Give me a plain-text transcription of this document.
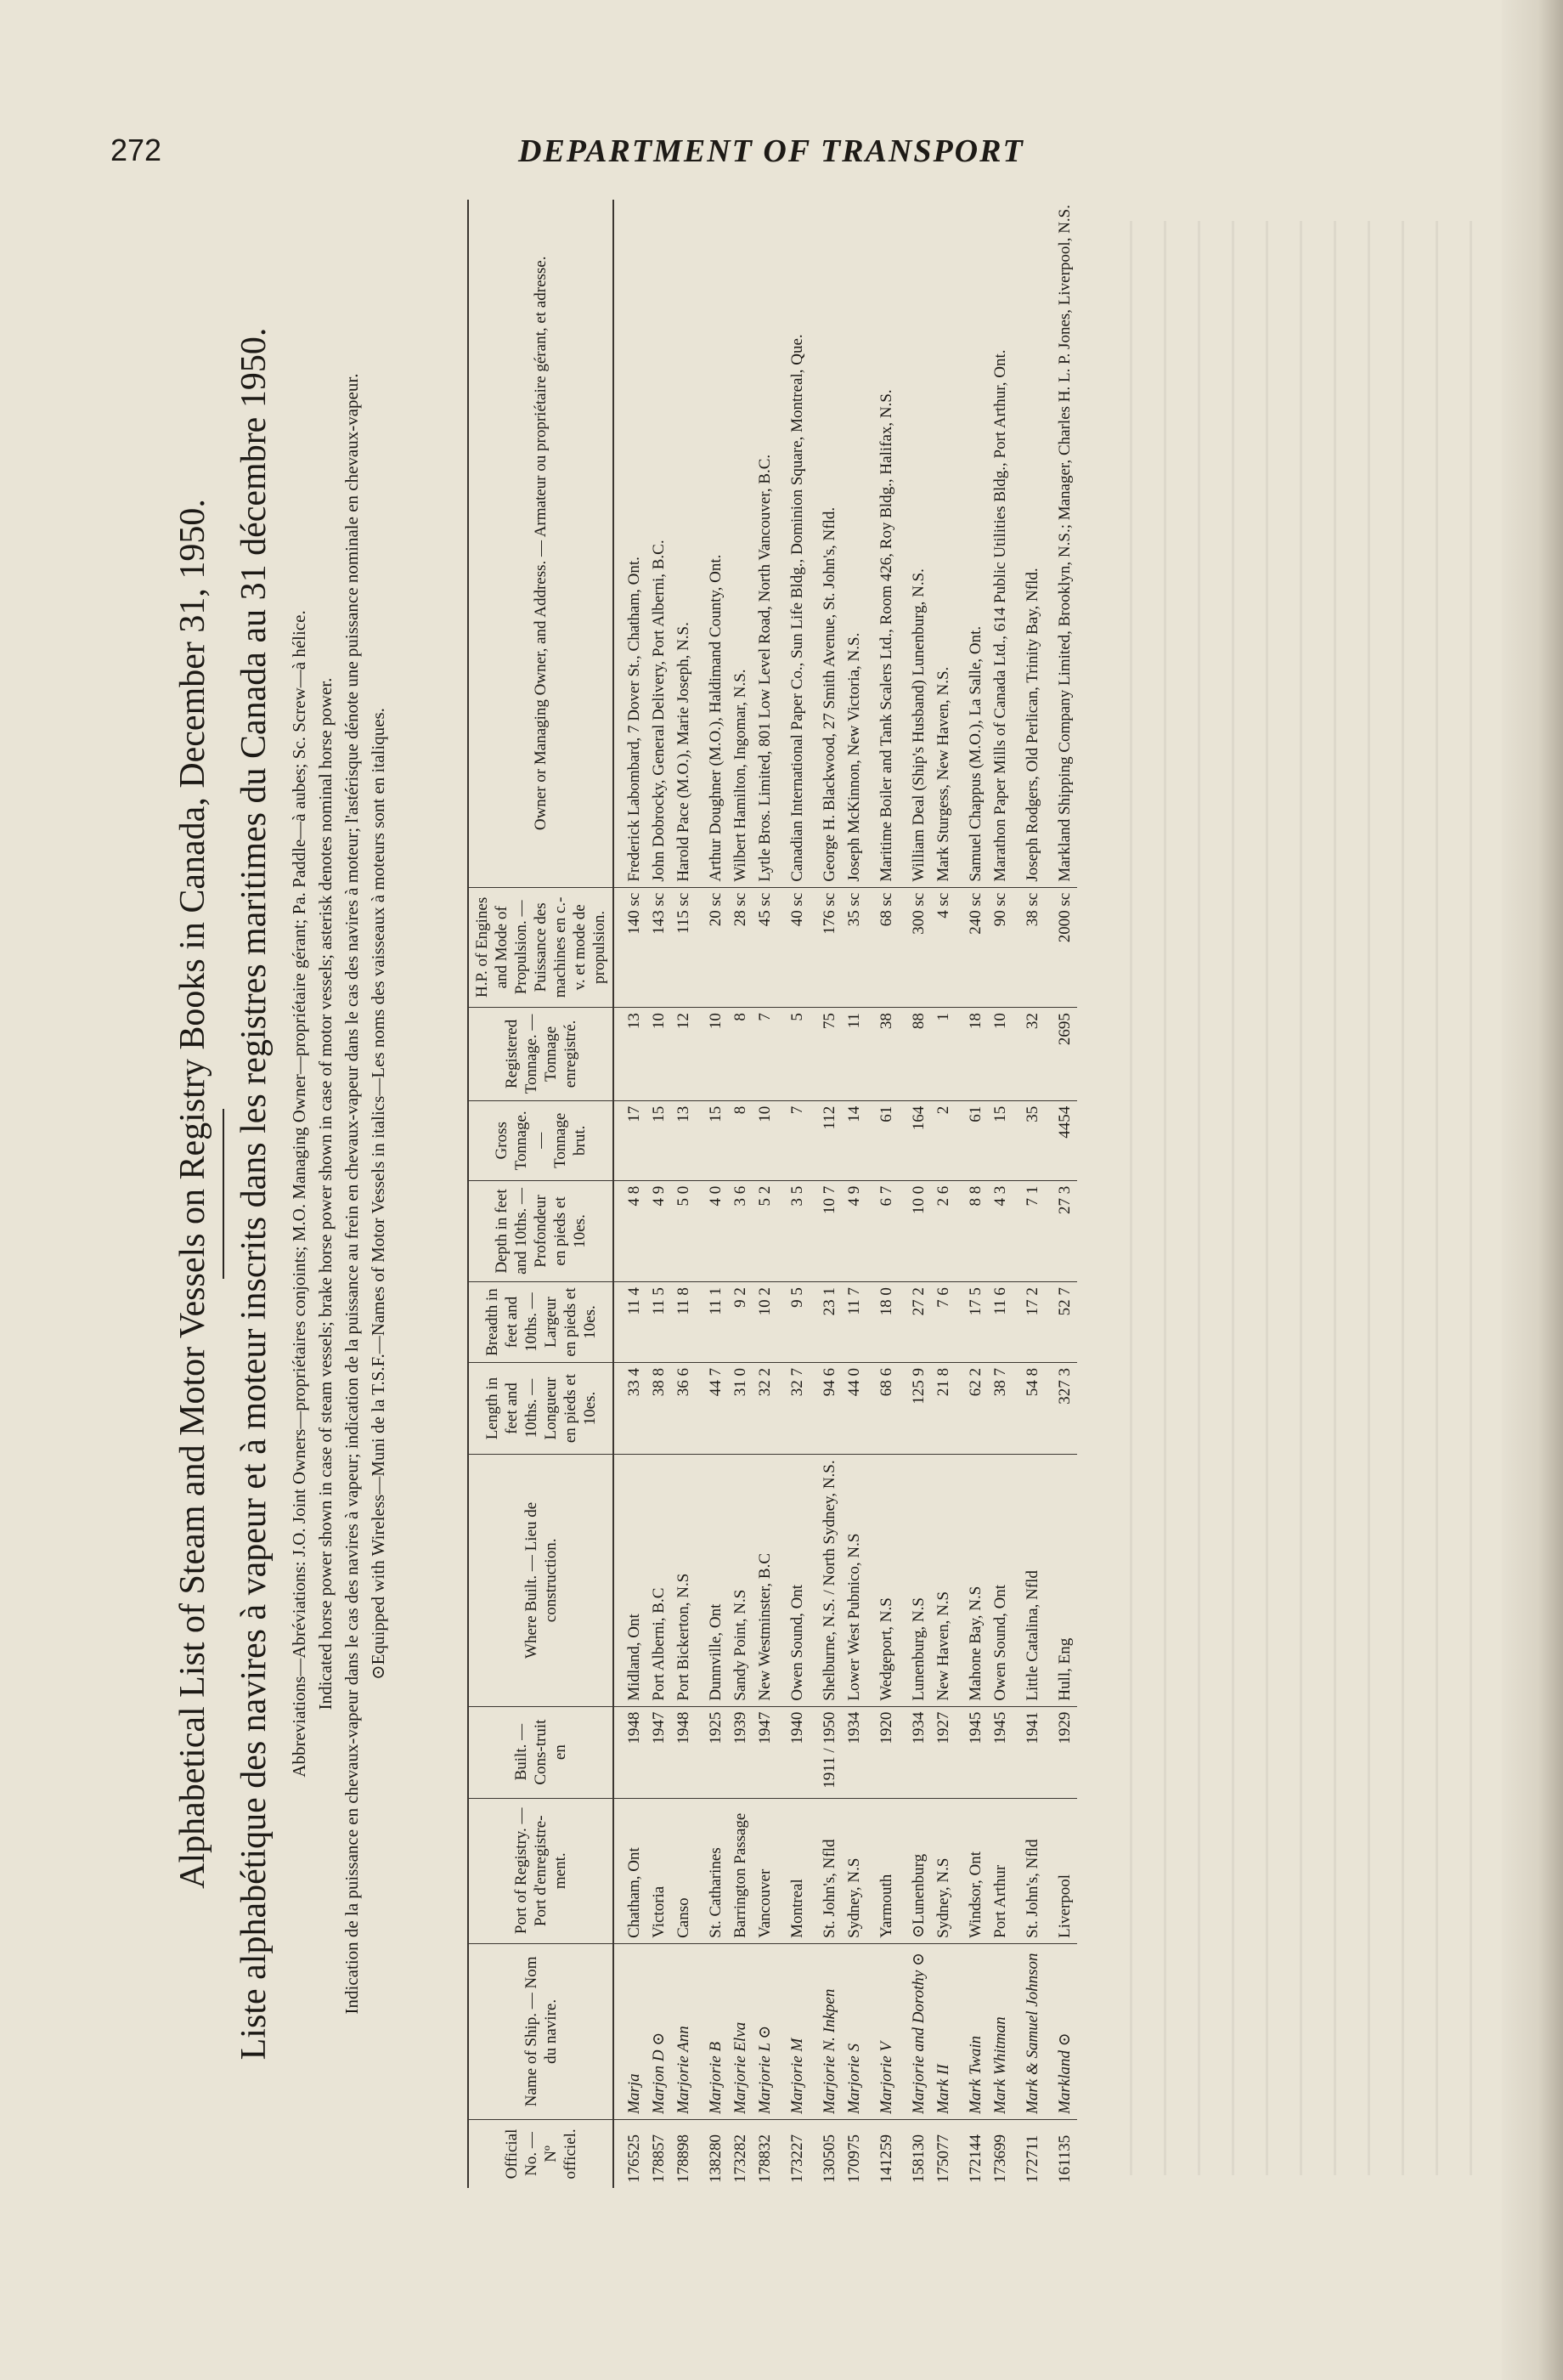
272	DEPARTMENT OF TRANSPORT
Alphabetical List of Steam and Motor Vessels on Registry Books in Canada, December 31, 1950. Liste alphabétique des navires à vapeur et à moteur inscrits dans les registres maritimes du Canada au 31 décembre 1950. Abbreviations—Abréviations: J.O. Joint Owners—propriétaires conjoints; M.O. Managing Owner—propriétaire gérant; Pa. Paddle—à aubes; Sc. Screw—à hélice. Indicated horse power shown in case of steam vessels; brake horse power shown in case of motor vessels; asterisk denotes nominal horse power. Indication de la puissance en chevaux-vapeur dans le cas des navires à vapeur; indication de la puissance au frein en chevaux-vapeur dans le cas des navires à moteur; l'astérisque dénote une puissance nominale en chevaux-vapeur. ⊙Equipped with Wireless—Muni de la T.S.F.—Names of Motor Vessels in italics—Les noms des vaisseaux à moteurs sont en italiques.
Official No. — Nº officiel.	Name of Ship. — Nom du navire.	Port of Registry. — Port d'enregistre-ment.	Built. — Cons-truit en	Where Built. — Lieu de construction.	Length in feet and 10ths. — Longueur en pieds et 10es.	Breadth in feet and 10ths. — Largeur en pieds et 10es.	Depth in feet and 10ths. — Profondeur en pieds et 10es.	Gross Tonnage. — Tonnage brut.	Registered Tonnage. — Tonnage enregistré.	H.P. of Engines and Mode of Propulsion. — Puissance des machines en c.-v. et mode de propulsion.	Owner or Managing Owner, and Address. — Armateur ou propriétaire gérant, et adresse.
176525	Marja	Chatham, Ont	1948	Midland, Ont	33 4	11 4	4 8	17	13	140 sc	Frederick Labombard, 7 Dover St., Chatham, Ont.
178857	Marjon D ⊙	Victoria	1947	Port Alberni, B.C	38 8	11 5	4 9	15	10	143 sc	John Dobrocky, General Delivery, Port Alberni, B.C.
178898	Marjorie Ann	Canso	1948	Port Bickerton, N.S	36 6	11 8	5 0	13	12	115 sc	Harold Pace (M.O.), Marie Joseph, N.S.
138280	Marjorie B	St. Catharines	1925	Dunnville, Ont	44 7	11 1	4 0	15	10	20 sc	Arthur Doughner (M.O.), Haldimand County, Ont.
173282	Marjorie Elva	Barrington Passage	1939	Sandy Point, N.S	31 0	9 2	3 6	8	8	28 sc	Wilbert Hamilton, Ingomar, N.S.
178832	Marjorie L ⊙	Vancouver	1947	New Westminster, B.C	32 2	10 2	5 2	10	7	45 sc	Lytle Bros. Limited, 801 Low Level Road, North Vancouver, B.C.
173227	Marjorie M	Montreal	1940	Owen Sound, Ont	32 7	9 5	3 5	7	5	40 sc	Canadian International Paper Co., Sun Life Bldg., Dominion Square, Montreal, Que.
130505	Marjorie N. Inkpen	St. John's, Nfld	1911 / 1950	Shelburne, N.S. / North Sydney, N.S.	94 6	23 1	10 7	112	75	176 sc	George H. Blackwood, 27 Smith Avenue, St. John's, Nfld.
170975	Marjorie S	Sydney, N.S	1934	Lower West Pubnico, N.S	44 0	11 7	4 9	14	11	35 sc	Joseph McKinnon, New Victoria, N.S.
141259	Marjorie V	Yarmouth	1920	Wedgeport, N.S	68 6	18 0	6 7	61	38	68 sc	Maritime Boiler and Tank Scalers Ltd., Room 426, Roy Bldg., Halifax, N.S.
158130	Marjorie and Dorothy ⊙	⊙Lunenburg	1934	Lunenburg, N.S	125 9	27 2	10 0	164	88	300 sc	William Deal (Ship's Husband) Lunenburg, N.S.
175077	Mark II	Sydney, N.S	1927	New Haven, N.S	21 8	7 6	2 6	2	1	4 sc	Mark Sturgess, New Haven, N.S.
172144	Mark Twain	Windsor, Ont	1945	Mahone Bay, N.S	62 2	17 5	8 8	61	18	240 sc	Samuel Chappus (M.O.), La Salle, Ont.
173699	Mark Whitman	Port Arthur	1945	Owen Sound, Ont	38 7	11 6	4 3	15	10	90 sc	Marathon Paper Mills of Canada Ltd., 614 Public Utilities Bldg., Port Arthur, Ont.
172711	Mark & Samuel Johnson	St. John's, Nfld	1941	Little Catalina, Nfld	54 8	17 2	7 1	35	32	38 sc	Joseph Rodgers, Old Perlican, Trinity Bay, Nfld.
161135	Markland ⊙	Liverpool	1929	Hull, Eng	327 3	52 7	27 3	4454	2695	2000 sc	Markland Shipping Company Limited, Brooklyn, N.S.; Manager, Charles H. L. P. Jones, Liverpool, N.S.
